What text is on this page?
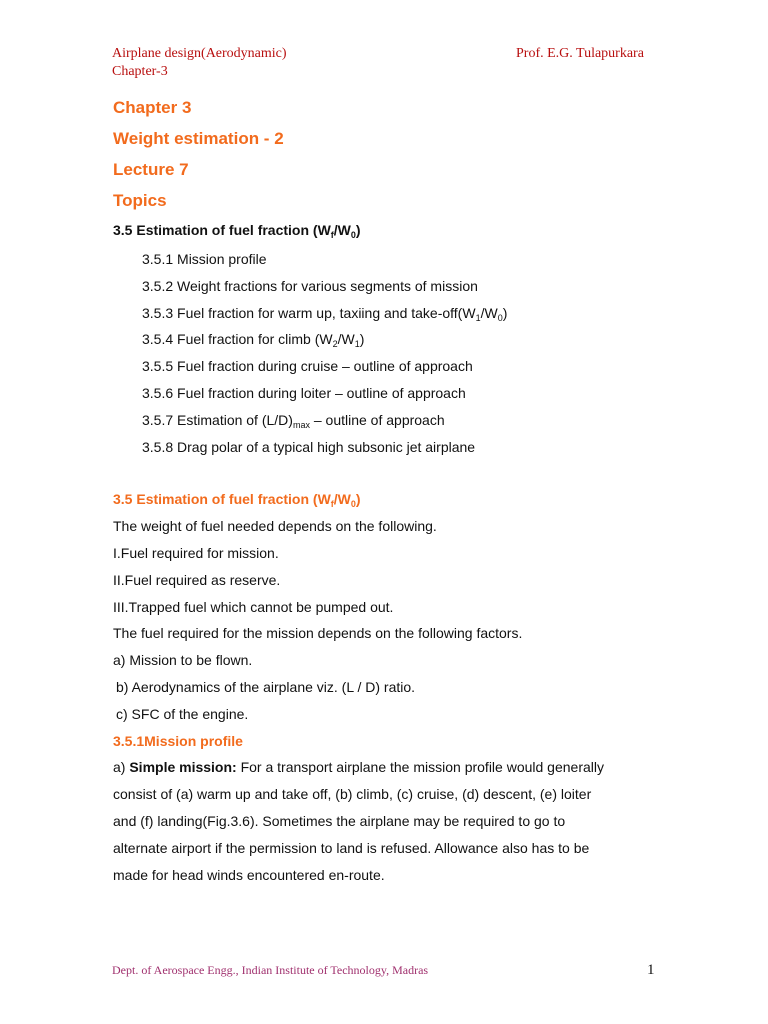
Airplane design(Aerodynamic)
Chapter-3
Prof. E.G. Tulapurkara

Chapter 3

Weight estimation - 2

Lecture 7

Topics

3.5 Estimation of fuel fraction $(W_f/W_0)$

3.5.1 Mission profile
3.5.2 Weight fractions for various segments of mission
3.5.3 Fuel fraction for warm up, taxiing and take-$off(W_1/W_0)$
3.5.4 Fuel fraction for climb $(W_2/W_1)$
3.5.5 Fuel fraction during cruise – outline of approach
3.5.6 Fuel fraction during loiter – outline of approach
3.5.7 Estimation of $(L/D)_{max}$ – outline of approach
3.5.8 Drag polar of a typical high subsonic jet airplane

3.5 Estimation of fuel fraction $(W_f/W_0)$

The weight of fuel needed depends on the following.

I.Fuel required for mission.

II.Fuel required as reserve.

III.Trapped fuel which cannot be pumped out.

The fuel required for the mission depends on the following factors.

a) Mission to be flown.

b) Aerodynamics of the airplane viz. (L / D) ratio.

c) SFC of the engine.

3.5.1Mission profile

a) Simple mission: For a transport airplane the mission profile would generally

consist of (a) warm up and take off, (b) climb, (c) cruise, (d) descent, (e) loiter

and (f) landing(Fig.3.6). Sometimes the airplane may be required to go to

alternate airport if the permission to land is refused. Allowance also has to be

made for head winds encountered en-route.

Dept. of Aerospace Engg., Indian Institute of Technology, Madras	1
